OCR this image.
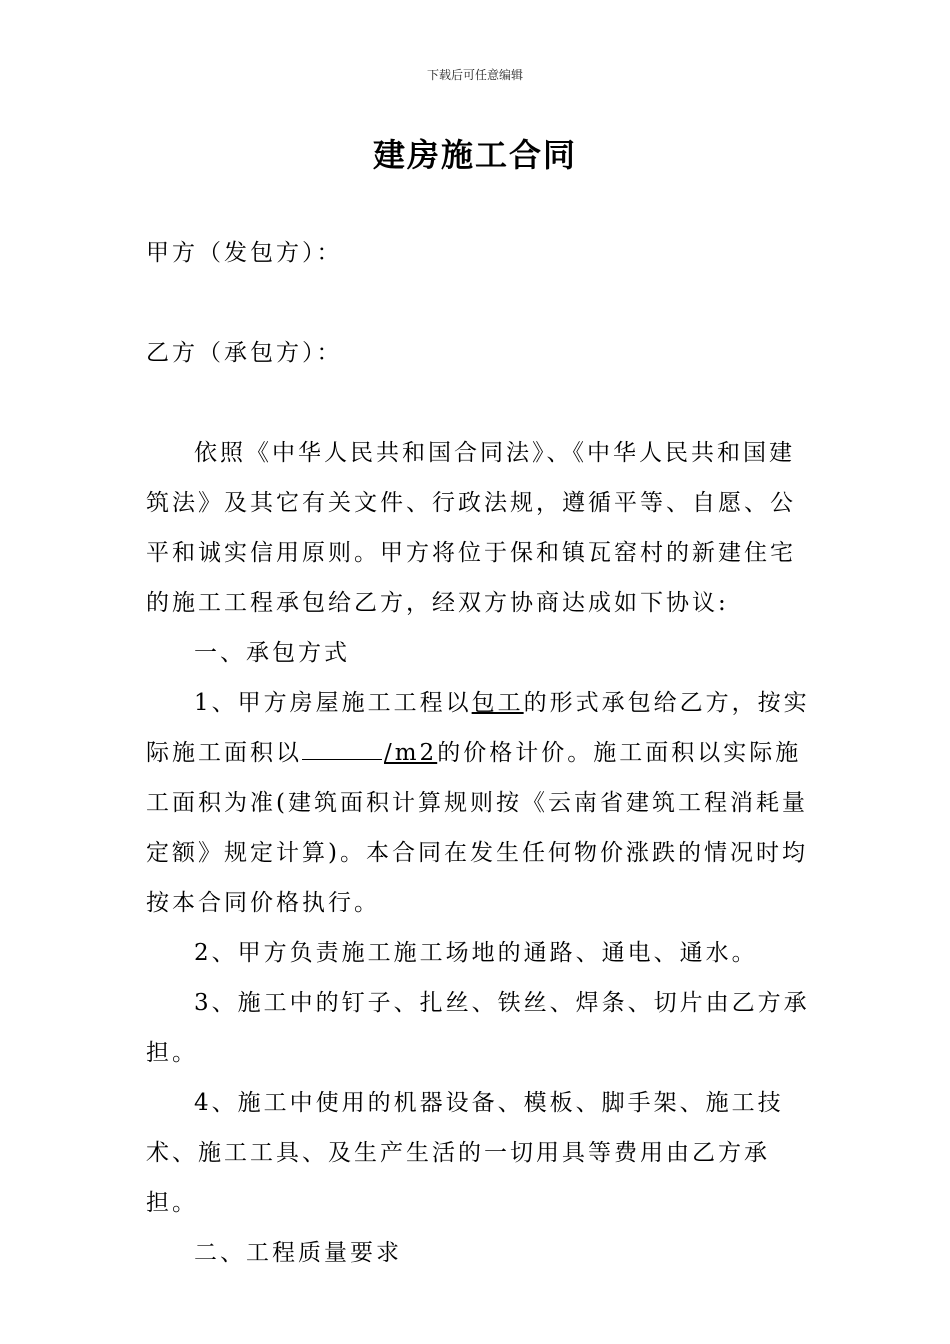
下载后可任意编辑
建房施工合同
甲方（发包方）：
乙方（承包方）：

依照《中华人民共和国合同法》、《中华人民共和国建筑法》及其它有关文件、行政法规，遵循平等、自愿、公平和诚实信用原则。甲方将位于保和镇瓦窑村的新建住宅的施工工程承包给乙方，经双方协商达成如下协议:

一、承包方式

1、甲方房屋施工工程以包工的形式承包给乙方，按实际施工面积以	/m2的价格计价。施工面积以实际施工面积为准(建筑面积计算规则按《云南省建筑工程消耗量定额》规定计算)。本合同在发生任何物价涨跌的情况时均按本合同价格执行。

2、甲方负责施工施工场地的通路、通电、通水。

3、施工中的钉子、扎丝、铁丝、焊条、切片由乙方承担。

4、施工中使用的机器设备、模板、脚手架、施工技术、施工工具、及生产生活的一切用具等费用由乙方承担。

二、工程质量要求
